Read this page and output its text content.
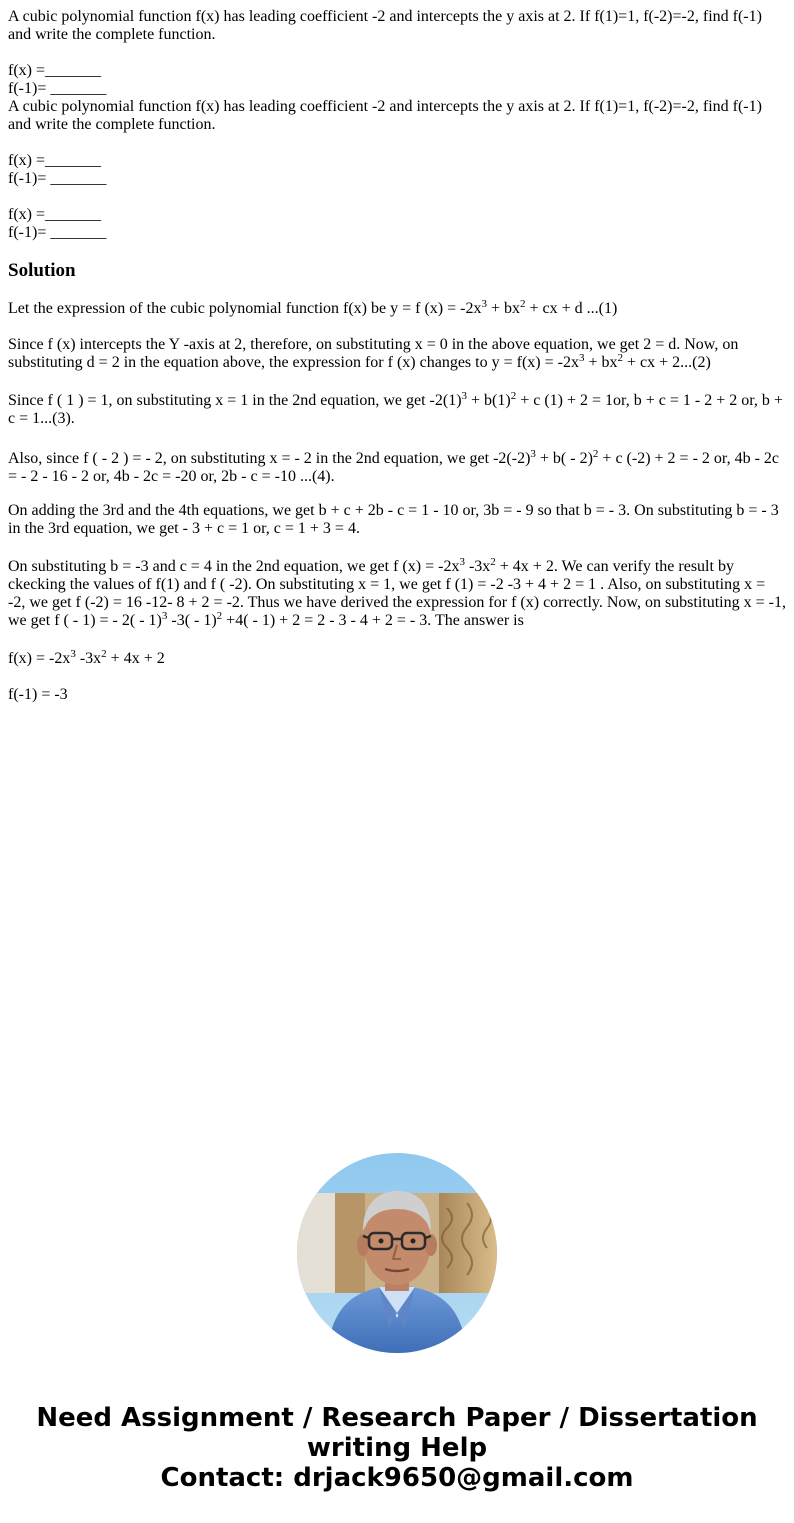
A cubic polynomial function f(x) has leading coefficient -2 and intercepts the y axis at 2. If f(1)=1, f(-2)=-2, find f(-1) and write the complete function.
f(x) =_______
f(-1)= _______
A cubic polynomial function f(x) has leading coefficient -2 and intercepts the y axis at 2. If f(1)=1, f(-2)=-2, find f(-1) and write the complete function.
f(x) =_______
f(-1)= _______
f(x) =_______
f(-1)= _______
Solution

Let the expression of the cubic polynomial function f(x) be y = f $(x) = -2x^3 + bx^2$ + cx + d ...(1)

Since f (x) intercepts the Y -axis at 2, therefore, on substituting x = 0 in the above equation, we get 2 = d. Now, on substituting d = 2 in the equation above, the expression for f (x) changes to $y = f(x) = -2x^3 + bx^2$ + cx + 2...(2)

Since f ( 1 ) = 1, on substituting x = 1 in the 2nd equation, we get $-2(1)^3 + b(1)^2 + c$ (1) + 2 = 1or, b + c = 1 - 2 + 2 or, b + c = 1...(3).

Also, since f ( - 2 ) = - 2, on substituting x = - 2 in the 2nd equation, we get $-2(-2)^3 + b( - 2)^2 + c$ (-2) + 2 = - 2 or, 4b - 2c = - 2 - 16 - 2 or, 4b - 2c = -20 or, 2b - c = -10 ...(4).

On adding the 3rd and the 4th equations, we get b + c + 2b - c = 1 - 10 or, 3b = - 9 so that b = - 3. On substituting b = - 3 in the 3rd equation, we get - 3 + c = 1 or, c = 1 + 3 = 4.

On substituting b = -3 and c = 4 in the 2nd equation, we get f $(x) = -2x^3$ $-3x^2 + 4x + 2$. We can verify the result by ckecking the values of f(1) and f ( -2). On substituting x = 1, we get f (1) = -2 -3 + 4 + 2 = 1 . Also, on substituting x = -2, we get f (-2) = 16 -12- 8 + 2 = -2. Thus we have derived the expression for f (x) correctly. Now, on substituting x = -1, we get f ( - 1) = - 2( - 1)$^3$ -3( - 1)$^2$ +4( - 1) + 2 = 2 - 3 - 4 + 2 = - 3. The answer is

$f(x) = -2x^3$ $-3x^2 + 4x + 2$

f(-1) = -3

Need Assignment / Research Paper / Dissertation
writing Help
Contact: drjack9650@gmail.com
